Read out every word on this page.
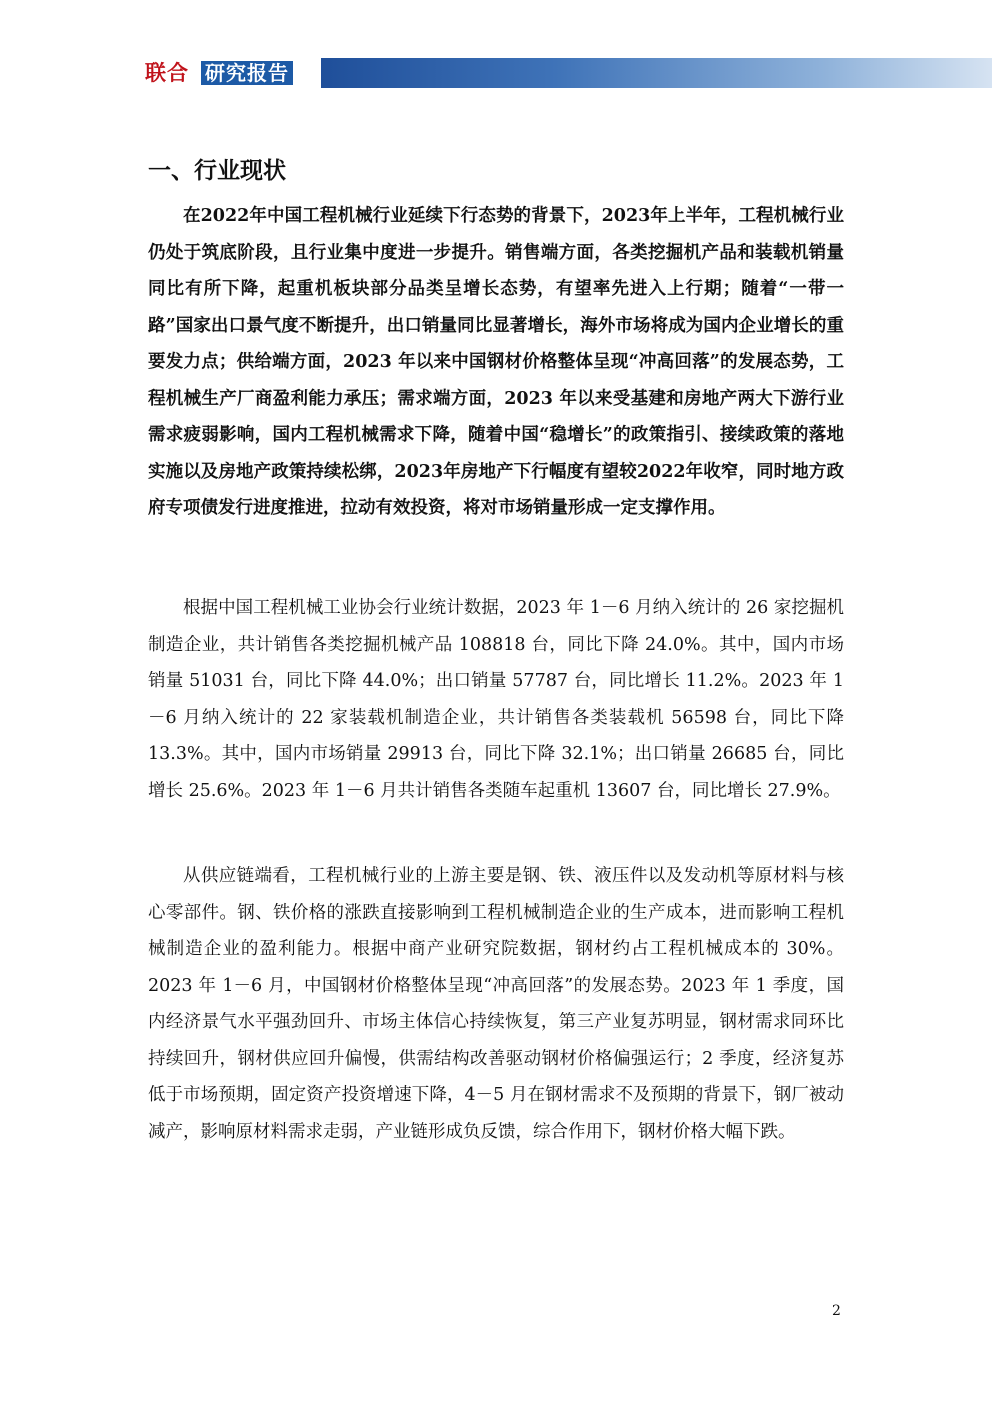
联合 研究报告
一、行业现状

在2022年中国工程机械行业延续下行态势的背景下，2023年上半年，工程机械行业仍处于筑底阶段，且行业集中度进一步提升。销售端方面，各类挖掘机产品和装载机销量同比有所下降，起重机板块部分品类呈增长态势，有望率先进入上行期；随着“一带一路”国家出口景气度不断提升，出口销量同比显著增长，海外市场将成为国内企业增长的重要发力点；供给端方面，2023 年以来中国钢材价格整体呈现“冲高回落”的发展态势，工程机械生产厂商盈利能力承压；需求端方面，2023 年以来受基建和房地产两大下游行业需求疲弱影响，国内工程机械需求下降，随着中国“稳增长”的政策指引、接续政策的落地实施以及房地产政策持续松绑，2023年房地产下行幅度有望较2022年收窄，同时地方政府专项债发行进度推进，拉动有效投资，将对市场销量形成一定支撑作用。

根据中国工程机械工业协会行业统计数据，2023 年 1－6 月纳入统计的 26 家挖掘机制造企业，共计销售各类挖掘机械产品 108818 台，同比下降 24.0%。其中，国内市场销量 51031 台，同比下降 44.0%；出口销量 57787 台，同比增长 11.2%。2023 年 1－6 月纳入统计的 22 家装载机制造企业，共计销售各类装载机 56598 台，同比下降 13.3%。其中，国内市场销量 29913 台，同比下降 32.1%；出口销量 26685 台，同比增长 25.6%。2023 年 1－6 月共计销售各类随车起重机 13607 台，同比增长 27.9%。

从供应链端看，工程机械行业的上游主要是钢、铁、液压件以及发动机等原材料与核心零部件。钢、铁价格的涨跌直接影响到工程机械制造企业的生产成本，进而影响工程机械制造企业的盈利能力。根据中商产业研究院数据，钢材约占工程机械成本的 30%。2023 年 1－6 月，中国钢材价格整体呈现“冲高回落”的发展态势。2023 年 1 季度，国内经济景气水平强劲回升、市场主体信心持续恢复，第三产业复苏明显，钢材需求同环比持续回升，钢材供应回升偏慢，供需结构改善驱动钢材价格偏强运行；2 季度，经济复苏低于市场预期，固定资产投资增速下降，4－5 月在钢材需求不及预期的背景下，钢厂被动减产，影响原材料需求走弱，产业链形成负反馈，综合作用下，钢材价格大幅下跌。

2
